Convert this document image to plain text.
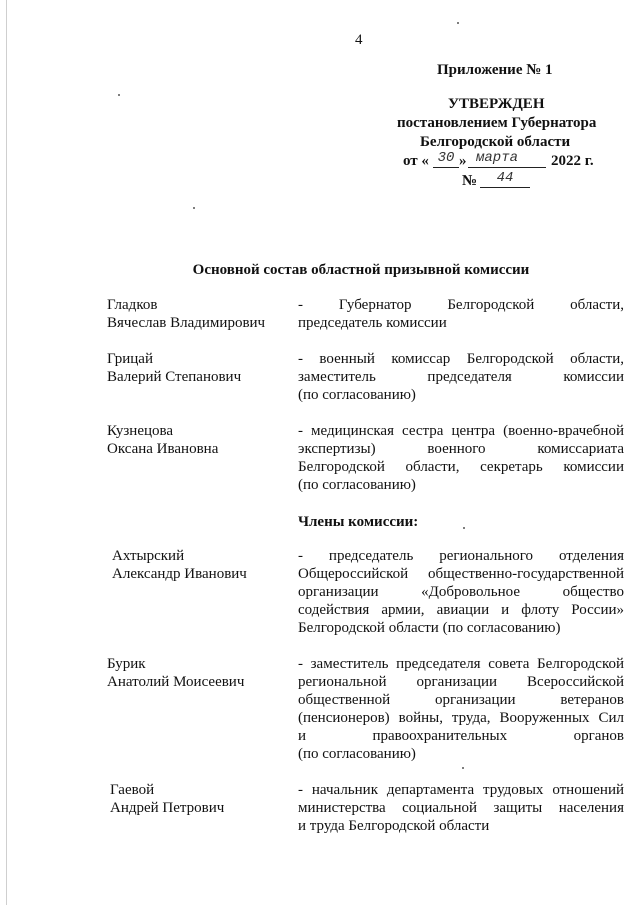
4
Приложение № 1
УТВЕРЖДЕН
постановлением Губернатора
Белгородской области
от « 30 » марта	2022 г.
№	44
Основной состав областной призывной комиссии
Гладков
Вячеслав Владимирович
- Губернатор Белгородской области,
председатель комиссии
Грицай
Валерий Степанович
- военный комиссар Белгородской области,
заместитель председателя комиссии
(по согласованию)
Кузнецова
Оксана Ивановна
- медицинская сестра центра (военно-врачебной
экспертизы) военного комиссариата
Белгородской области, секретарь комиссии
(по согласованию)
Члены комиссии:
Ахтырский
Александр Иванович
- председатель регионального отделения
Общероссийской общественно-государственной
организации «Добровольное общество
содействия армии, авиации и флоту России»
Белгородской области (по согласованию)
Бурик
Анатолий Моисеевич
- заместитель председателя совета Белгородской
региональной организации Всероссийской
общественной организации ветеранов
(пенсионеров) войны, труда, Вооруженных Сил
и правоохранительных органов
(по согласованию)
Гаевой
Андрей Петрович
- начальник департамента трудовых отношений
министерства социальной защиты населения
и труда Белгородской области
